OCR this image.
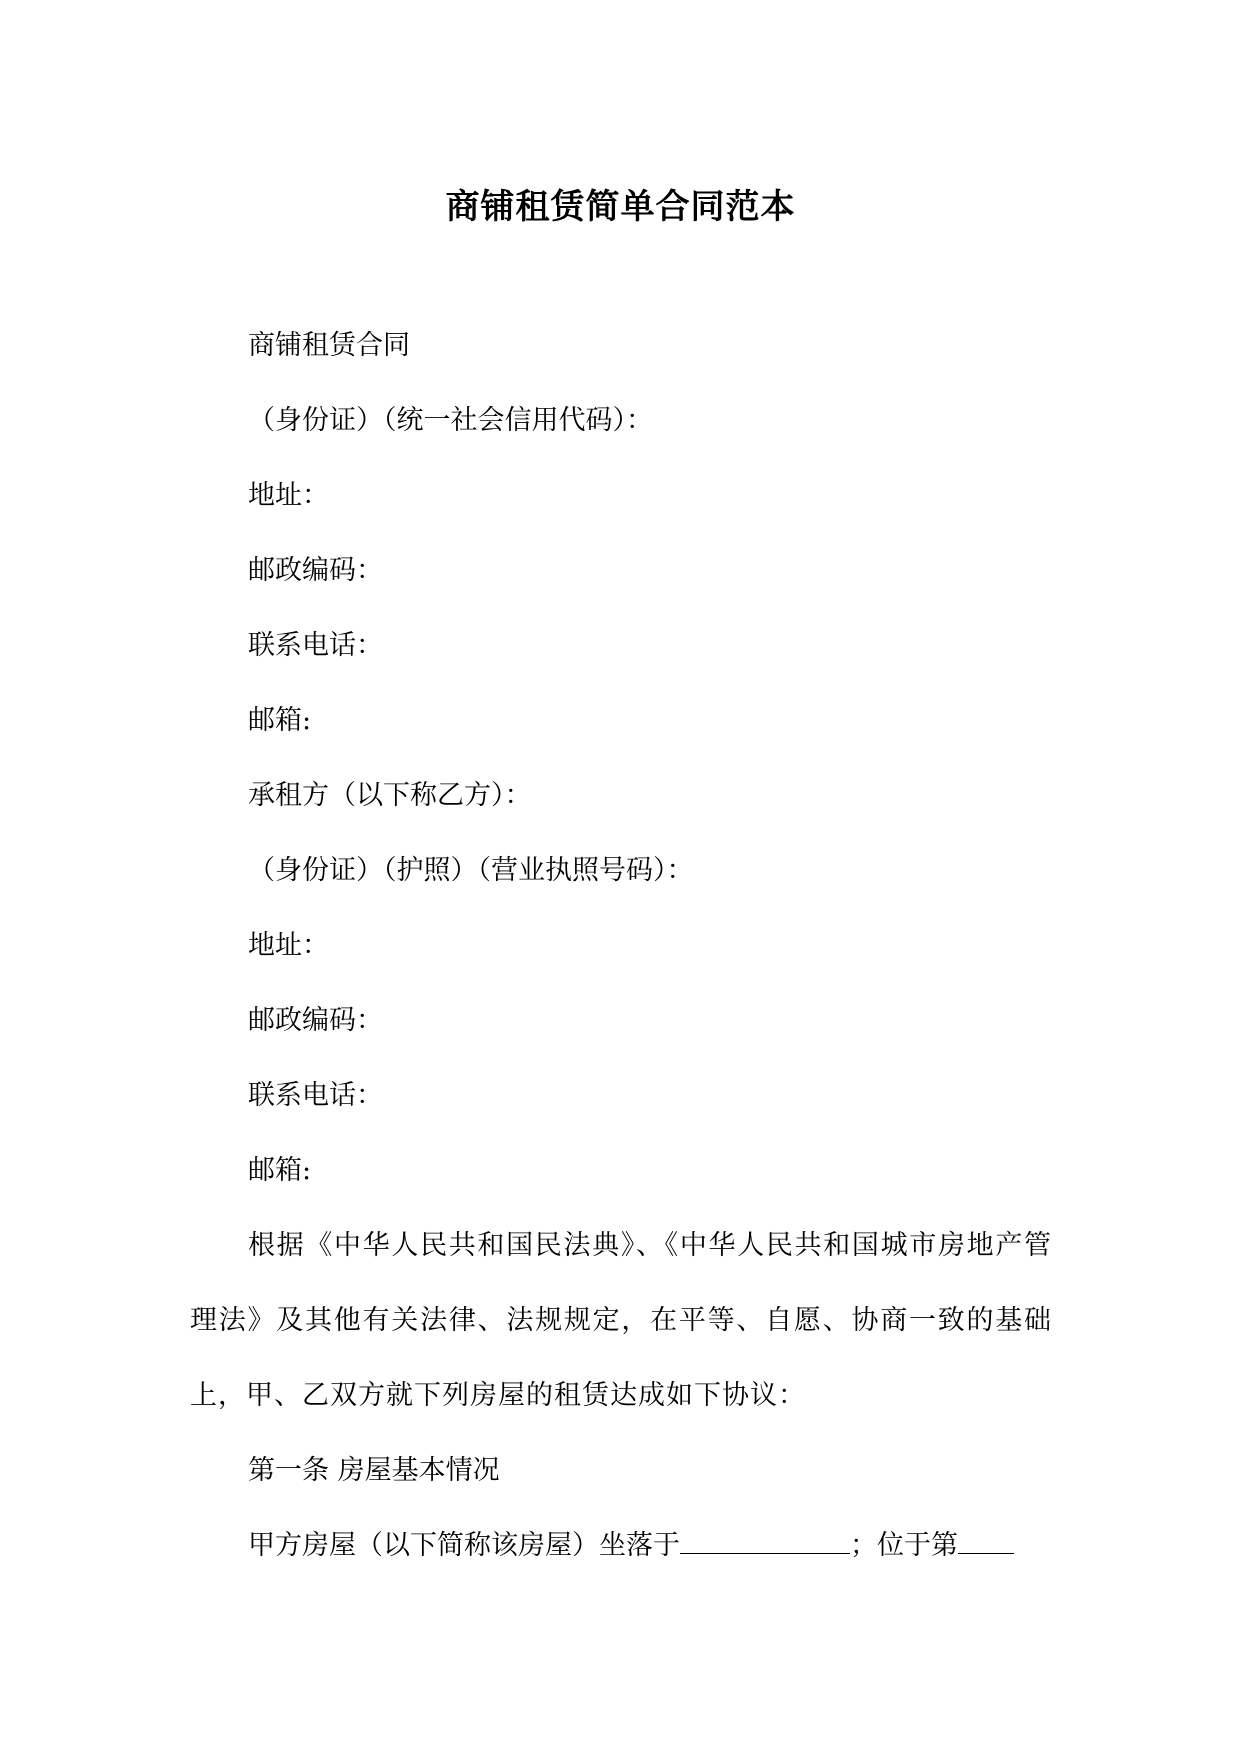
商铺租赁简单合同范本
商铺租赁合同
（身份证）（统一社会信用代码）：
地址：
邮政编码：
联系电话：
邮箱:
承租方（以下称乙方）：
（身份证）（护照）（营业执照号码）：
地址：
邮政编码：
联系电话：
邮箱:
根据《中华人民共和国民法典》、《中华人民共和国城市房地产管理法》及其他有关法律、法规规定，在平等、自愿、协商一致的基础上，甲、乙双方就下列房屋的租赁达成如下协议：
第一条 房屋基本情况
甲方房屋（以下简称该房屋）坐落于	；位于第
